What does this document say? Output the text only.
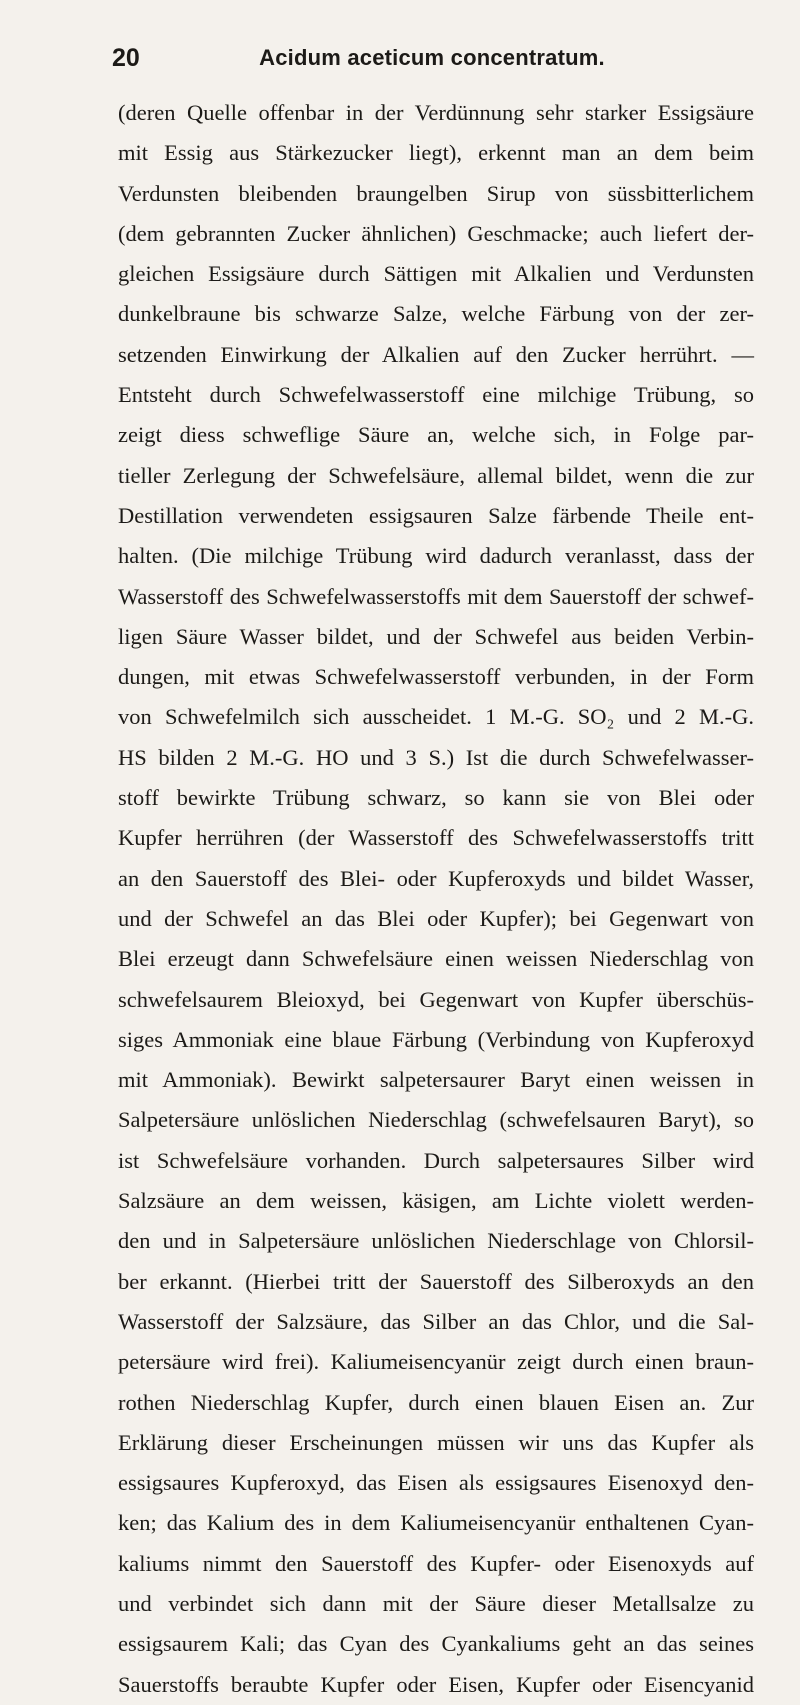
20	Acidum aceticum concentratum.
(deren Quelle offenbar in der Verdünnung sehr starker Essigsäure
mit Essig aus Stärkezucker liegt), erkennt man an dem beim
Verdunsten bleibenden braungelben Sirup von süssbitterlichem
(dem gebrannten Zucker ähnlichen) Geschmacke; auch liefert der-
gleichen Essigsäure durch Sättigen mit Alkalien und Verdunsten
dunkelbraune bis schwarze Salze, welche Färbung von der zer-
setzenden Einwirkung der Alkalien auf den Zucker herrührt. —
Entsteht durch Schwefelwasserstoff eine milchige Trübung, so
zeigt diess schweflige Säure an, welche sich, in Folge par-
tieller Zerlegung der Schwefelsäure, allemal bildet, wenn die zur
Destillation verwendeten essigsauren Salze färbende Theile ent-
halten. (Die milchige Trübung wird dadurch veranlasst, dass der
Wasserstoff des Schwefelwasserstoffs mit dem Sauerstoff der schwef-
ligen Säure Wasser bildet, und der Schwefel aus beiden Verbin-
dungen, mit etwas Schwefelwasserstoff verbunden, in der Form
von Schwefelmilch sich ausscheidet. 1 M.-G. SO₂ und 2 M.-G.
HS bilden 2 M.-G. HO und 3 S.) Ist die durch Schwefelwasser-
stoff bewirkte Trübung schwarz, so kann sie von Blei oder
Kupfer herrühren (der Wasserstoff des Schwefelwasserstoffs tritt
an den Sauerstoff des Blei- oder Kupferoxyds und bildet Wasser,
und der Schwefel an das Blei oder Kupfer); bei Gegenwart von
Blei erzeugt dann Schwefelsäure einen weissen Niederschlag von
schwefelsaurem Bleioxyd, bei Gegenwart von Kupfer überschüs-
siges Ammoniak eine blaue Färbung (Verbindung von Kupferoxyd
mit Ammoniak). Bewirkt salpetersaurer Baryt einen weissen in
Salpetersäure unlöslichen Niederschlag (schwefelsauren Baryt), so
ist Schwefelsäure vorhanden. Durch salpetersaures Silber wird
Salzsäure an dem weissen, käsigen, am Lichte violett werden-
den und in Salpetersäure unlöslichen Niederschlage von Chlorsil-
ber erkannt. (Hierbei tritt der Sauerstoff des Silberoxyds an den
Wasserstoff der Salzsäure, das Silber an das Chlor, und die Sal-
petersäure wird frei). Kaliumeisencyanür zeigt durch einen braun-
rothen Niederschlag Kupfer, durch einen blauen Eisen an. Zur
Erklärung dieser Erscheinungen müssen wir uns das Kupfer als
essigsaures Kupferoxyd, das Eisen als essigsaures Eisenoxyd den-
ken; das Kalium des in dem Kaliumeisencyanür enthaltenen Cyan-
kaliums nimmt den Sauerstoff des Kupfer- oder Eisenoxyds auf
und verbindet sich dann mit der Säure dieser Metallsalze zu
essigsaurem Kali; das Cyan des Cyankaliums geht an das seines
Sauerstoffs beraubte Kupfer oder Eisen, Kupfer oder Eisencyanid
